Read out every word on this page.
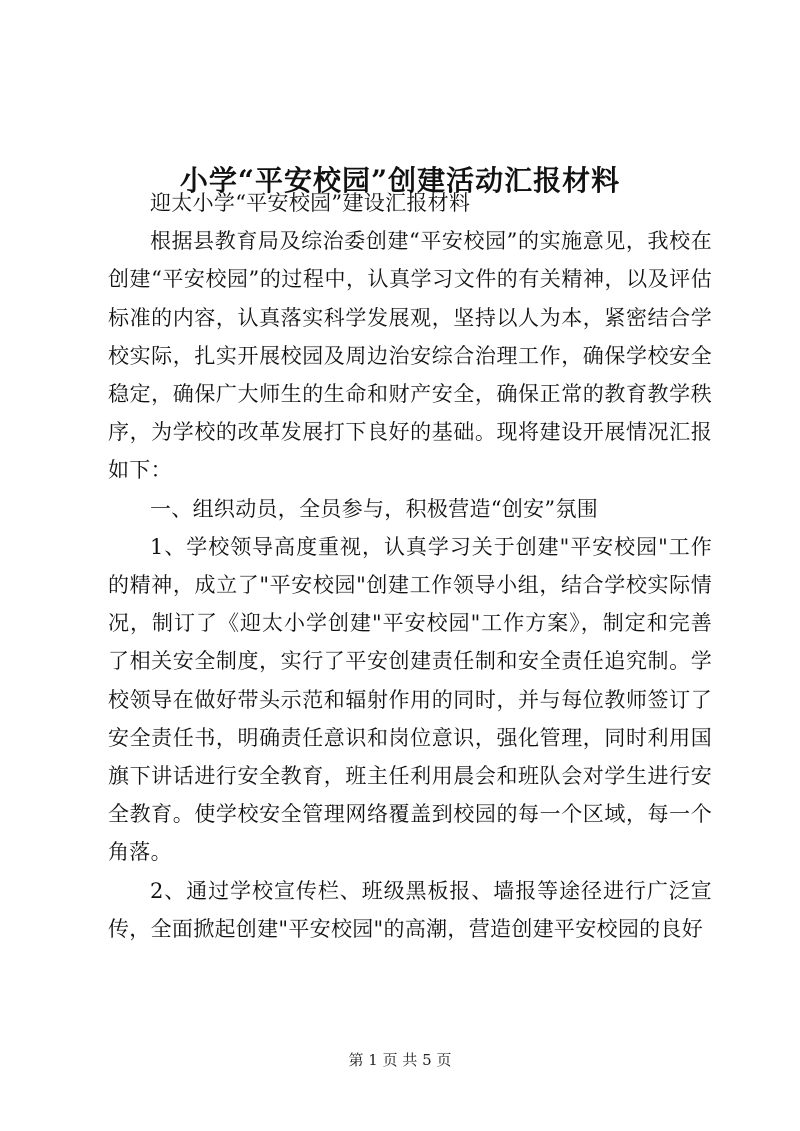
小学“平安校园”创建活动汇报材料

迎太小学“平安校园”建设汇报材料

根据县教育局及综治委创建“平安校园”的实施意见，我校在创建“平安校园”的过程中，认真学习文件的有关精神，以及评估标准的内容，认真落实科学发展观，坚持以人为本，紧密结合学校实际，扎实开展校园及周边治安综合治理工作，确保学校安全稳定，确保广大师生的生命和财产安全，确保正常的教育教学秩序，为学校的改革发展打下良好的基础。现将建设开展情况汇报如下：

一、组织动员，全员参与，积极营造“创安”氛围

1、学校领导高度重视，认真学习关于创建"平安校园"工作的精神，成立了"平安校园"创建工作领导小组，结合学校实际情况，制订了《迎太小学创建"平安校园"工作方案》，制定和完善了相关安全制度，实行了平安创建责任制和安全责任追究制。学校领导在做好带头示范和辐射作用的同时，并与每位教师签订了安全责任书，明确责任意识和岗位意识，强化管理，同时利用国旗下讲话进行安全教育，班主任利用晨会和班队会对学生进行安全教育。使学校安全管理网络覆盖到校园的每一个区域，每一个角落。

2、通过学校宣传栏、班级黑板报、墙报等途径进行广泛宣传，全面掀起创建"平安校园"的高潮，营造创建平安校园的良好

第 1 页 共 5 页
